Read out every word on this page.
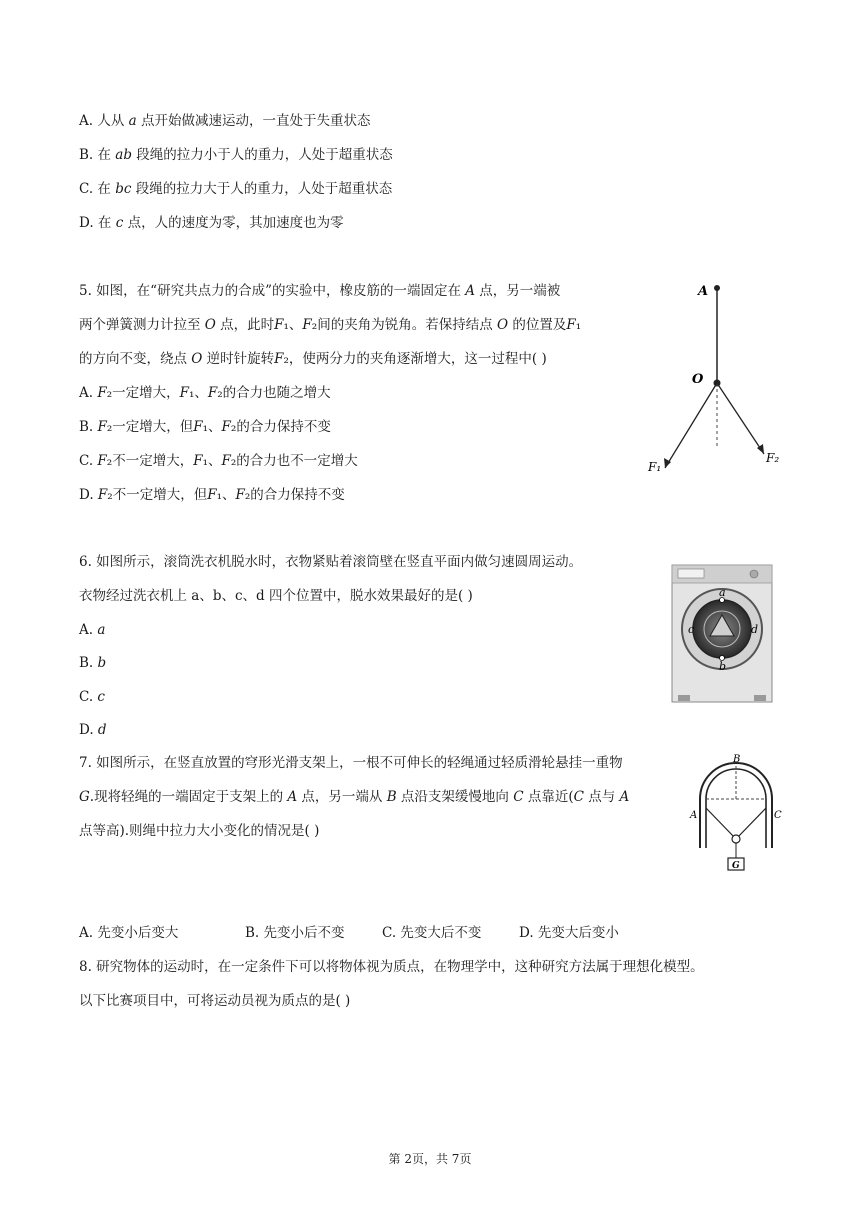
A. 人从 𝑎 点开始做减速运动，一直处于失重状态
B. 在 𝑎𝑏 段绳的拉力小于人的重力，人处于超重状态
C. 在 𝑏𝑐 段绳的拉力大于人的重力，人处于超重状态
D. 在 𝑐 点，人的速度为零，其加速度也为零
5. 如图，在“研究共点力的合成”的实验中，橡皮筋的一端固定在 𝐴 点，另一端被
两个弹簧测力计拉至 𝑂 点，此时𝐹₁、𝐹₂间的夹角为锐角。若保持结点 𝑂 的位置及𝐹₁
的方向不变，绕点 𝑂 逆时针旋转𝐹₂，使两分力的夹角逐渐增大，这一过程中( )
A. 𝐹₂一定增大，𝐹₁、𝐹₂的合力也随之增大
B. 𝐹₂一定增大，但𝐹₁、𝐹₂的合力保持不变
C. 𝐹₂不一定增大，𝐹₁、𝐹₂的合力也不一定增大
D. 𝐹₂不一定增大，但𝐹₁、𝐹₂的合力保持不变
A
O
F₁
F₂
6. 如图所示，滚筒洗衣机脱水时，衣物紧贴着滚筒壁在竖直平面内做匀速圆周运动。
衣物经过洗衣机上 a、b、c、d 四个位置中，脱水效果最好的是( )
A. 𝑎
B. 𝑏
C. 𝑐
D. 𝑑
a
b
c	d
7. 如图所示，在竖直放置的穹形光滑支架上，一根不可伸长的轻绳通过轻质滑轮悬挂一重物
𝐺.现将轻绳的一端固定于支架上的 𝐴 点，另一端从 𝐵 点沿支架缓慢地向 𝐶 点靠近(𝐶 点与 𝐴
点等高).则绳中拉力大小变化的情况是( )
G
B
A	C
A. 先变小后变大	B. 先变小后不变	C. 先变大后不变	D. 先变大后变小
8. 研究物体的运动时，在一定条件下可以将物体视为质点，在物理学中，这种研究方法属于理想化模型。
以下比赛项目中，可将运动员视为质点的是( )
第 2页，共 7页
